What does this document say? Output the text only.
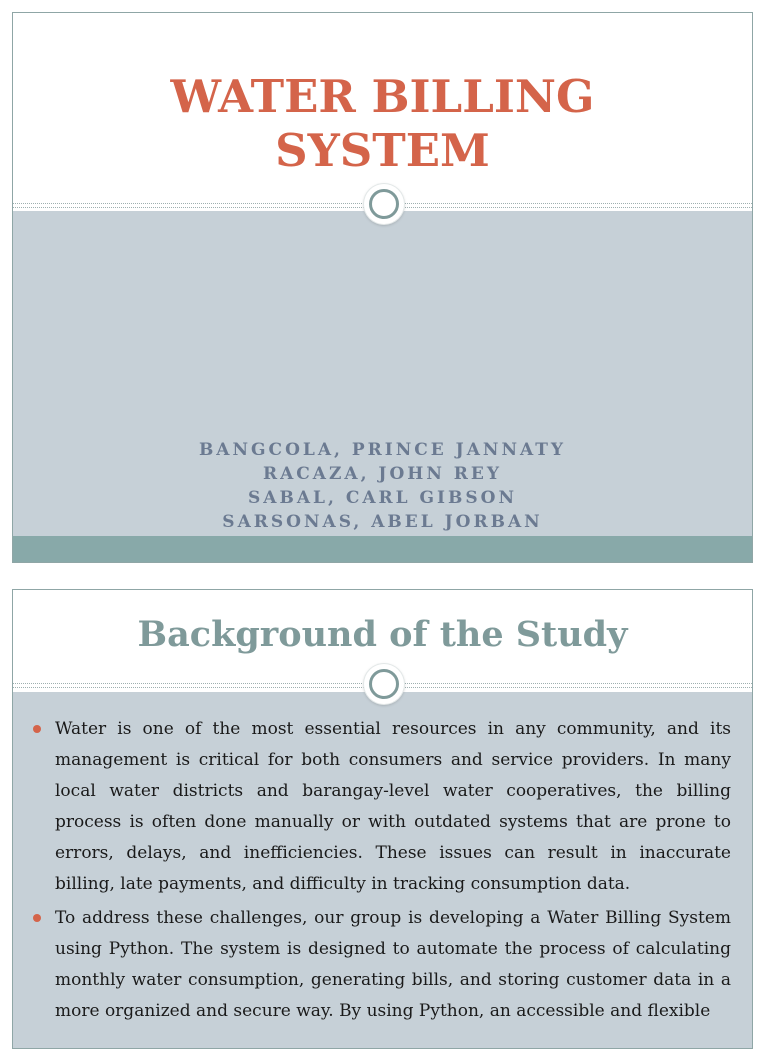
WATER BILLING
SYSTEM
BANGCOLA, PRINCE JANNATY
RACAZA, JOHN REY
SABAL, CARL GIBSON
SARSONAS, ABEL JORBAN
Background of the Study
Water is one of the most essential resources in any community, and its management is critical for both consumers and service providers. In many local water districts and barangay-level water cooperatives, the billing process is often done manually or with outdated systems that are prone to errors, delays, and inefficiencies. These issues can result in inaccurate billing, late payments, and difficulty in tracking consumption data.
To address these challenges, our group is developing a Water Billing System using Python. The system is designed to automate the process of calculating monthly water consumption, generating bills, and storing customer data in a more organized and secure way. By using Python, an accessible and flexible
